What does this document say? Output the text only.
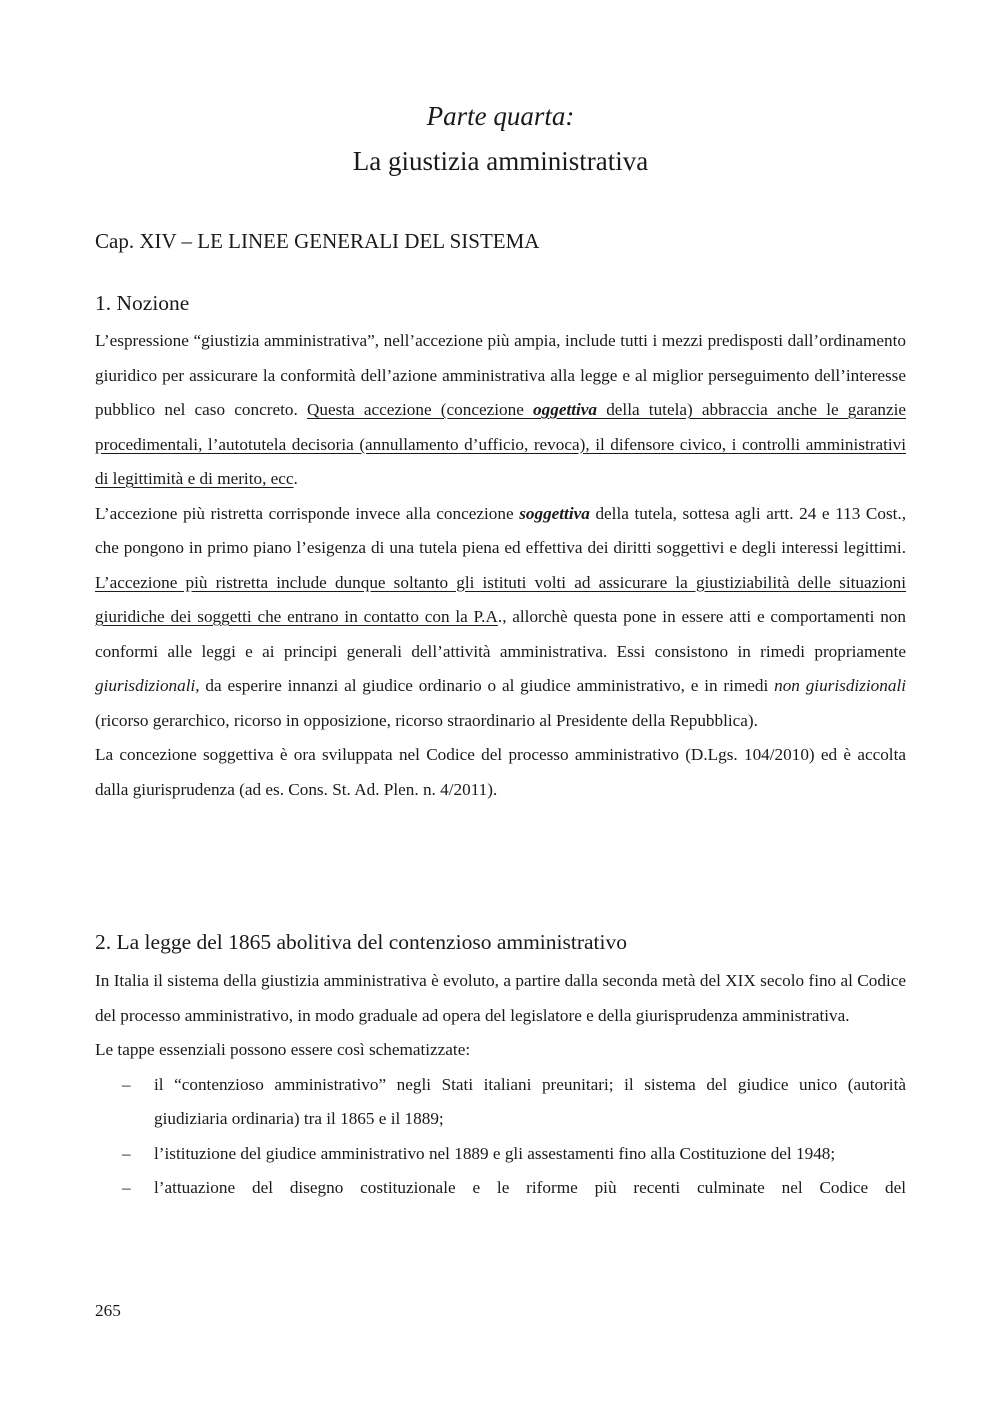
Parte quarta:
La giustizia amministrativa
Cap. XIV – LE LINEE GENERALI DEL SISTEMA
1. Nozione

L’espressione “giustizia amministrativa”, nell’accezione più ampia, include tutti i mezzi predisposti dall’ordinamento giuridico per assicurare la conformità dell’azione amministrativa alla legge e al miglior perseguimento dell’interesse pubblico nel caso concreto. Questa accezione (concezione oggettiva della tutela) abbraccia anche le garanzie procedimentali, l’autotutela decisoria (annullamento d’ufficio, revoca), il difensore civico, i controlli amministrativi di legittimità e di merito, ecc.

L’accezione più ristretta corrisponde invece alla concezione soggettiva della tutela, sottesa agli artt. 24 e 113 Cost., che pongono in primo piano l’esigenza di una tutela piena ed effettiva dei diritti soggettivi e degli interessi legittimi. L’accezione più ristretta include dunque soltanto gli istituti volti ad assicurare la giustiziabilità delle situazioni giuridiche dei soggetti che entrano in contatto con la P.A., allorchè questa pone in essere atti e comportamenti non conformi alle leggi e ai principi generali dell’attività amministrativa. Essi consistono in rimedi propriamente giurisdizionali, da esperire innanzi al giudice ordinario o al giudice amministrativo, e in rimedi non giurisdizionali (ricorso gerarchico, ricorso in opposizione, ricorso straordinario al Presidente della Repubblica).

La concezione soggettiva è ora sviluppata nel Codice del processo amministrativo (D.Lgs. 104/2010) ed è accolta dalla giurisprudenza (ad es. Cons. St. Ad. Plen. n. 4/2011).

2. La legge del 1865 abolitiva del contenzioso amministrativo

In Italia il sistema della giustizia amministrativa è evoluto, a partire dalla seconda metà del XIX secolo fino al Codice del processo amministrativo, in modo graduale ad opera del legislatore e della giurisprudenza amministrativa.

Le tappe essenziali possono essere così schematizzate:

– il “contenzioso amministrativo” negli Stati italiani preunitari; il sistema del giudice unico (autorità giudiziaria ordinaria) tra il 1865 e il 1889;
– l’istituzione del giudice amministrativo nel 1889 e gli assestamenti fino alla Costituzione del 1948;
– l’attuazione del disegno costituzionale e le riforme più recenti culminate nel Codice del
265
